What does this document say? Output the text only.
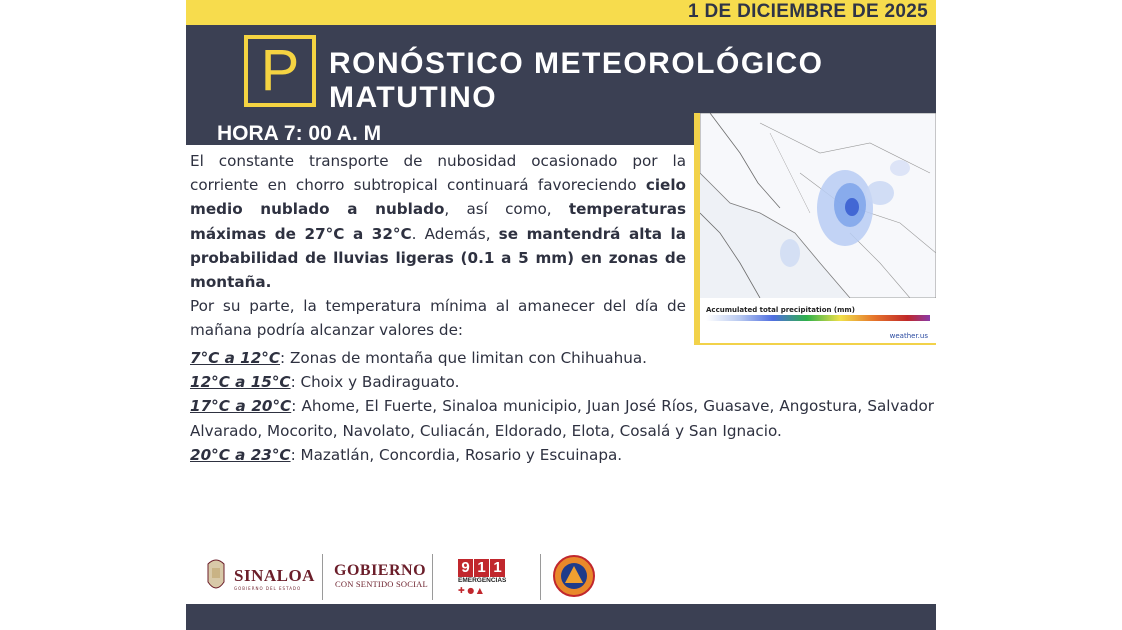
1 DE DICIEMBRE DE 2025
P RONÓSTICO METEOROLÓGICO
MATUTINO
HORA 7: 00 A. M
Accumulated total precipitation (mm)
weather.us

El constante transporte de nubosidad ocasionado por la corriente en chorro subtropical continuará favoreciendo cielo medio nublado a nublado, así como, temperaturas máximas de 27°C a 32°C. Además, se mantendrá alta la probabilidad de lluvias ligeras (0.1 a 5 mm) en zonas de montaña.

Por su parte, la temperatura mínima al amanecer del día de mañana podría alcanzar valores de:

7°C a 12°C: Zonas de montaña que limitan con Chihuahua.

12°C a 15°C: Choix y Badiraguato.

17°C a 20°C: Ahome, El Fuerte, Sinaloa municipio, Juan José Ríos, Guasave, Angostura, Salvador Alvarado, Mocorito, Navolato, Culiacán, Eldorado, Elota, Cosalá y San Ignacio.

20°C a 23°C: Mazatlán, Concordia, Rosario y Escuinapa.

SINALOA
GOBIERNO DEL ESTADO
GOBIERNO
CON SENTIDO SOCIAL
9 1 1
EMERGENCIAS
✚ ● ▲
